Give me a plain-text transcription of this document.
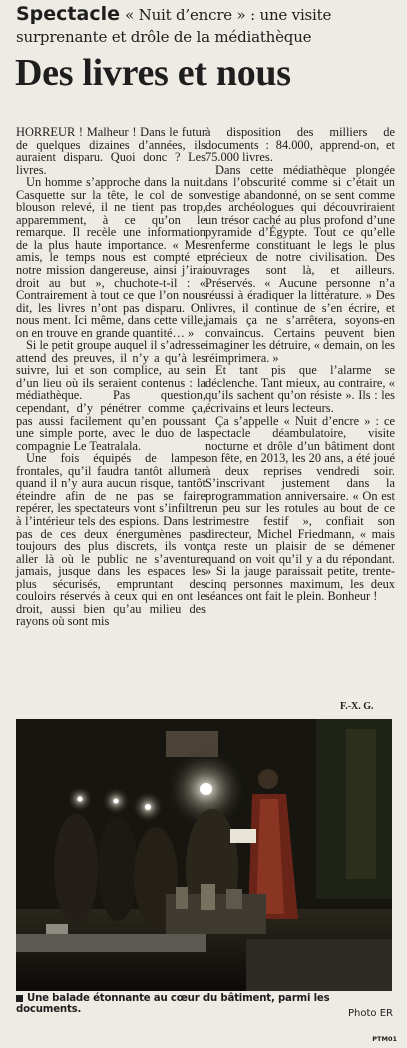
Spectacle « Nuit d’encre » : une visite surprenante et drôle de la médiathèque
Des livres et nous

HORREUR ! Malheur ! Dans le futur de quelques dizaines d’années, ils auraient disparu. Quoi donc ? Les livres.

Un homme s’approche dans la nuit. Casquette sur la tête, le col de son blouson relevé, il ne tient pas trop, apparemment, à ce qu’on le remarque. Il recèle une information de la plus haute importance. « Mes amis, le temps nous est compté et notre mission dangereuse, ainsi j’irai droit au but », chuchote-t-il : « Contrairement à tout ce que l’on nous dit, les livres n’ont pas disparu. On nous ment. Ici même, dans cette ville, on en trouve en grande quantité… »

Si le petit groupe auquel il s’adresse attend des preuves, il n’y a qu’à les suivre, lui et son complice, au sein d’un lieu où ils seraient contenus : la médiathèque. Pas question, cependant, d’y pénétrer comme ça, pas aussi facilement qu’en poussant une simple porte, avec le duo de la compagnie Le Teatralala.

Une fois équipés de lampes frontales, qu’il faudra tantôt allumer quand il n’y aura aucun risque, tantôt éteindre afin de ne pas se faire repérer, les spectateurs vont s’infiltrer à l’intérieur tels des espions. Dans les pas de ces deux énergumènes pas toujours des plus discrets, ils vont aller là où le public ne s’aventure jamais, jusque dans les espaces les plus sécurisés, empruntant des couloirs réservés à ceux qui en ont le droit, aussi bien qu’au milieu des rayons où sont mis

à disposition des milliers de documents : 84.000, apprend-on, et 75.000 livres.

Dans cette médiathèque plongée dans l’obscurité comme si c’était un vestige abandonné, on se sent comme des archéologues qui découvriraient un trésor caché au plus profond d’une pyramide d’Égypte. Tout ce qu’elle renferme constituant le legs le plus précieux de notre civilisation. Des ouvrages sont là, et ailleurs. Préservés. « Aucune personne n’a réussi à éradiquer la littérature. » Des livres, il continue de s’en écrire, et jamais ça ne s’arrêtera, soyons-en convaincus. Certains peuvent bien imaginer les détruire, « demain, on les réimprimera. »

Et tant pis que l’alarme se déclenche. Tant mieux, au contraire, « qu’ils sachent qu’on résiste ». Ils : les écrivains et leurs lecteurs.

Ça s’appelle « Nuit d’encre » : ce spectacle déambulatoire, visite nocturne et drôle d’un bâtiment dont on fête, en 2013, les 20 ans, a été joué à deux reprises vendredi soir. S’inscrivant justement dans la programmation anniversaire. « On est un peu sur les rotules au bout de ce trimestre festif », confiait son directeur, Michel Friedmann, « mais ça reste un plaisir de se démener quand on voit qu’il y a du répondant. » Si la jauge paraissait petite, trente-cinq personnes maximum, les deux séances ont fait le plein. Bonheur !

F.-X. G.
Une balade étonnante au cœur du bâtiment, parmi les documents.	Photo ER
PTM01
